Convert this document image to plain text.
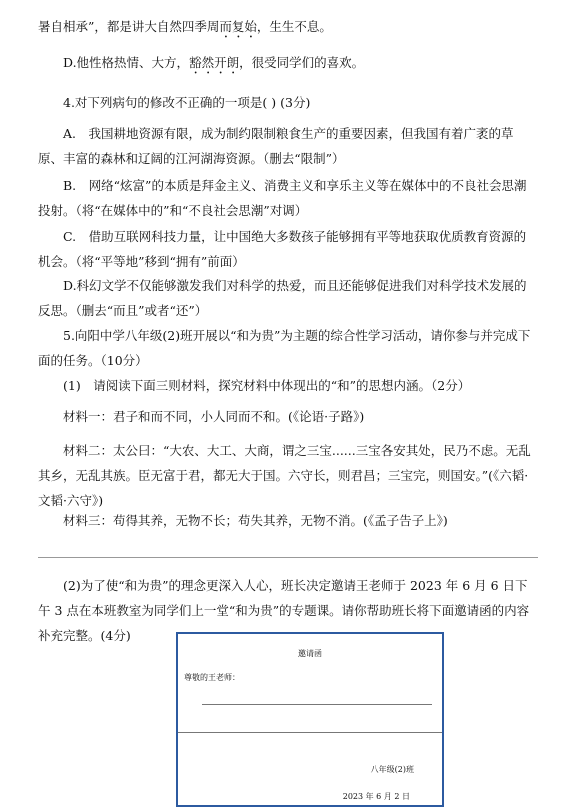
暑自相承”，都是讲大自然四季周而复始，生生不息。

D.他性格热情、大方，豁然开朗，很受同学们的喜欢。

4.对下列病句的修改不正确的一项是( ) (3分)

A.　我国耕地资源有限，成为制约限制粮食生产的重要因素，但我国有着广袤的草原、丰富的森林和辽阔的江河湖海资源。（删去“限制”）

B.　网络“炫富”的本质是拜金主义、消费主义和享乐主义等在媒体中的不良社会思潮投射。（将“在媒体中的”和“不良社会思潮”对调）

C.　借助互联网科技力量，让中国绝大多数孩子能够拥有平等地获取优质教育资源的机会。（将“平等地”移到“拥有”前面）

D.科幻文学不仅能够激发我们对科学的热爱，而且还能够促进我们对科学技术发展的反思。（删去“而且”或者“还”）

5.向阳中学八年级(2)班开展以“和为贵”为主题的综合性学习活动，请你参与并完成下面的任务。（10分）

(1)　请阅读下面三则材料，探究材料中体现出的“和”的思想内涵。（2分）

材料一：君子和而不同，小人同而不和。(《论语·子路》)

材料二：太公曰：“大农、大工、大商，谓之三宝......三宝各安其处，民乃不虑。无乱其乡，无乱其族。臣无富于君，都无大于国。六守长，则君昌；三宝完，则国安。”(《六韬·文韬·六守》)

材料三：苟得其养，无物不长；苟失其养，无物不消。(《孟子告子上》)

(2)为了使“和为贵”的理念更深入人心，班长决定邀请王老师于 2023 年 6 月 6 日下午 3 点在本班教室为同学们上一堂“和为贵”的专题课。请你帮助班长将下面邀请函的内容补充完整。(4分)

邀请函
尊敬的王老师：
八年级(2)班
2023 年 6 月 2 日
